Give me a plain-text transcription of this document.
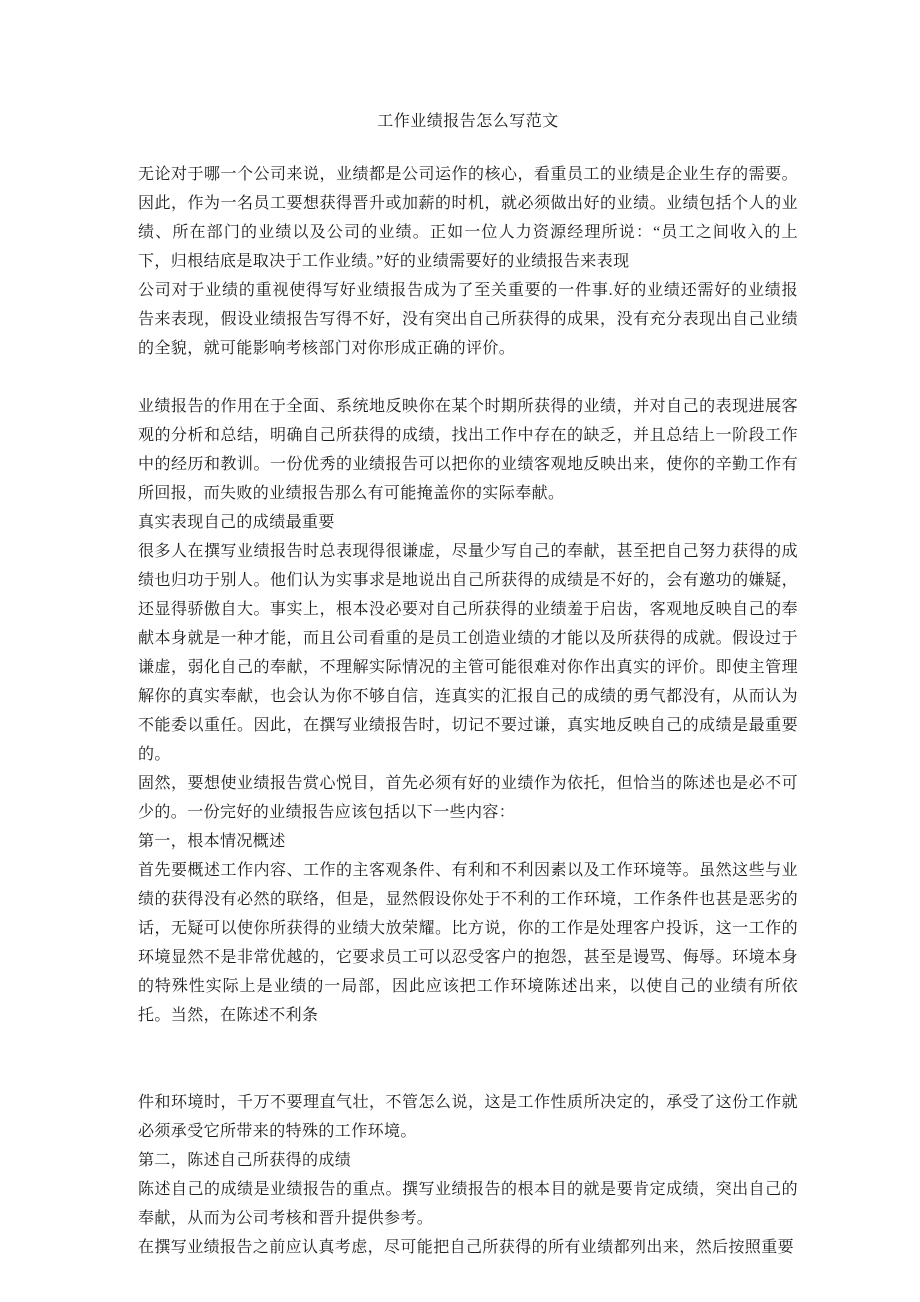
工作业绩报告怎么写范文

无论对于哪一个公司来说，业绩都是公司运作的核心，看重员工的业绩是企业生存的需要。因此，作为一名员工要想获得晋升或加薪的时机，就必须做出好的业绩。业绩包括个人的业绩、所在部门的业绩以及公司的业绩。正如一位人力资源经理所说：“员工之间收入的上下，归根结底是取决于工作业绩。”好的业绩需要好的业绩报告来表现

公司对于业绩的重视使得写好业绩报告成为了至关重要的一件事.好的业绩还需好的业绩报告来表现，假设业绩报告写得不好，没有突出自己所获得的成果，没有充分表现出自己业绩的全貌，就可能影响考核部门对你形成正确的评价。

业绩报告的作用在于全面、系统地反映你在某个时期所获得的业绩，并对自己的表现进展客观的分析和总结，明确自己所获得的成绩，找出工作中存在的缺乏，并且总结上一阶段工作中的经历和教训。一份优秀的业绩报告可以把你的业绩客观地反映出来，使你的辛勤工作有所回报，而失败的业绩报告那么有可能掩盖你的实际奉献。

真实表现自己的成绩最重要

很多人在撰写业绩报告时总表现得很谦虚，尽量少写自己的奉献，甚至把自己努力获得的成绩也归功于别人。他们认为实事求是地说出自己所获得的成绩是不好的，会有邀功的嫌疑，还显得骄傲自大。事实上，根本没必要对自己所获得的业绩羞于启齿，客观地反映自己的奉献本身就是一种才能，而且公司看重的是员工创造业绩的才能以及所获得的成就。假设过于谦虚，弱化自己的奉献，不理解实际情况的主管可能很难对你作出真实的评价。即使主管理解你的真实奉献，也会认为你不够自信，连真实的汇报自己的成绩的勇气都没有，从而认为不能委以重任。因此，在撰写业绩报告时，切记不要过谦，真实地反映自己的成绩是最重要的。

固然，要想使业绩报告赏心悦目，首先必须有好的业绩作为依托，但恰当的陈述也是必不可少的。一份完好的业绩报告应该包括以下一些内容：

第一，根本情况概述

首先要概述工作内容、工作的主客观条件、有利和不利因素以及工作环境等。虽然这些与业绩的获得没有必然的联络，但是，显然假设你处于不利的工作环境，工作条件也甚是恶劣的话，无疑可以使你所获得的业绩大放荣耀。比方说，你的工作是处理客户投诉，这一工作的环境显然不是非常优越的，它要求员工可以忍受客户的抱怨，甚至是谩骂、侮辱。环境本身的特殊性实际上是业绩的一局部，因此应该把工作环境陈述出来，以使自己的业绩有所依托。当然，在陈述不利条

件和环境时，千万不要理直气壮，不管怎么说，这是工作性质所决定的，承受了这份工作就必须承受它所带来的特殊的工作环境。

第二，陈述自己所获得的成绩

陈述自己的成绩是业绩报告的重点。撰写业绩报告的根本目的就是要肯定成绩，突出自己的奉献，从而为公司考核和晋升提供参考。

在撰写业绩报告之前应认真考虑，尽可能把自己所获得的所有业绩都列出来，然后按照重要
